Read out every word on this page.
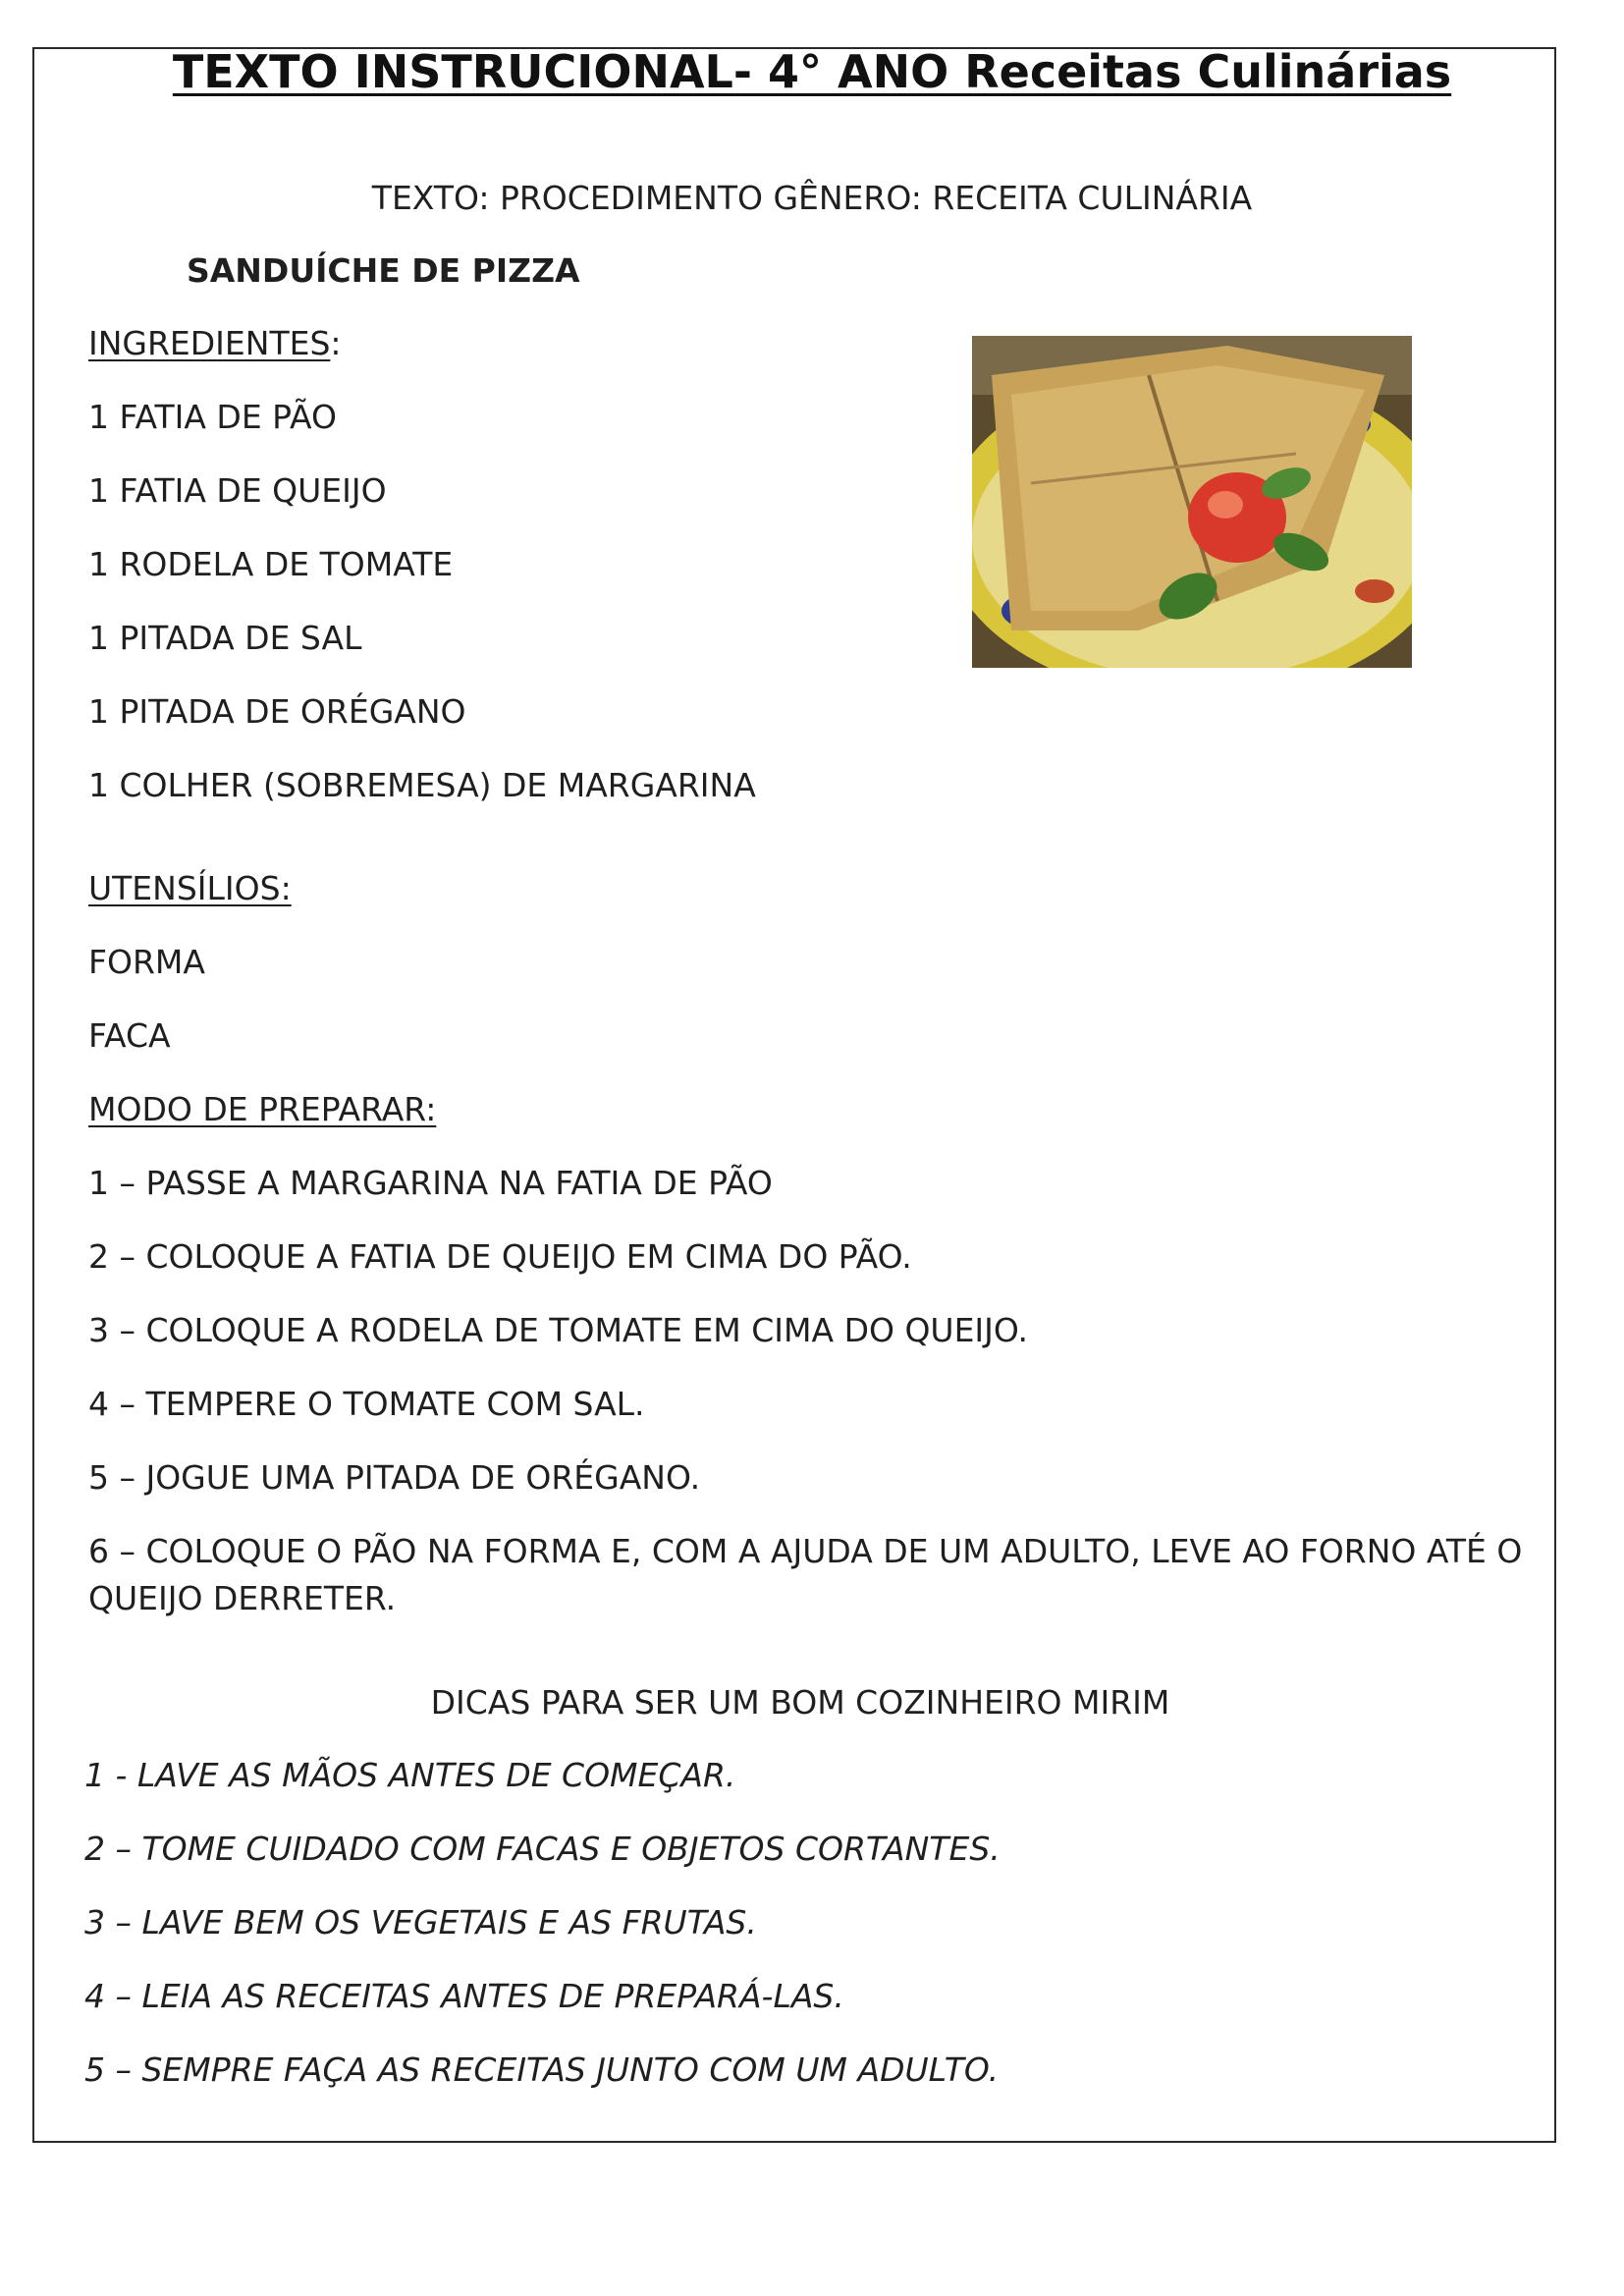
TEXTO INSTRUCIONAL- 4° ANO Receitas Culinárias
TEXTO: PROCEDIMENTO GÊNERO: RECEITA CULINÁRIA
SANDUÍCHE DE PIZZA
INGREDIENTES:
1 FATIA DE PÃO
1 FATIA DE QUEIJO
1 RODELA DE TOMATE
1 PITADA DE SAL
1 PITADA DE ORÉGANO
1 COLHER (SOBREMESA) DE MARGARINA
UTENSÍLIOS:
FORMA
FACA
MODO DE PREPARAR:
1 – PASSE A MARGARINA NA FATIA DE PÃO
2 – COLOQUE A FATIA DE QUEIJO EM CIMA DO PÃO.
3 – COLOQUE A RODELA DE TOMATE EM CIMA DO QUEIJO.
4 – TEMPERE O TOMATE COM SAL.
5 – JOGUE UMA PITADA DE ORÉGANO.
6 – COLOQUE O PÃO NA FORMA E, COM A AJUDA DE UM ADULTO, LEVE AO FORNO ATÉ O QUEIJO DERRETER.
DICAS PARA SER UM BOM COZINHEIRO MIRIM
1 - LAVE AS MÃOS ANTES DE COMEÇAR.
2 – TOME CUIDADO COM FACAS E OBJETOS CORTANTES.
3 – LAVE BEM OS VEGETAIS E AS FRUTAS.
4 – LEIA AS RECEITAS ANTES DE PREPARÁ-LAS.
5 – SEMPRE FAÇA AS RECEITAS JUNTO COM UM ADULTO.
